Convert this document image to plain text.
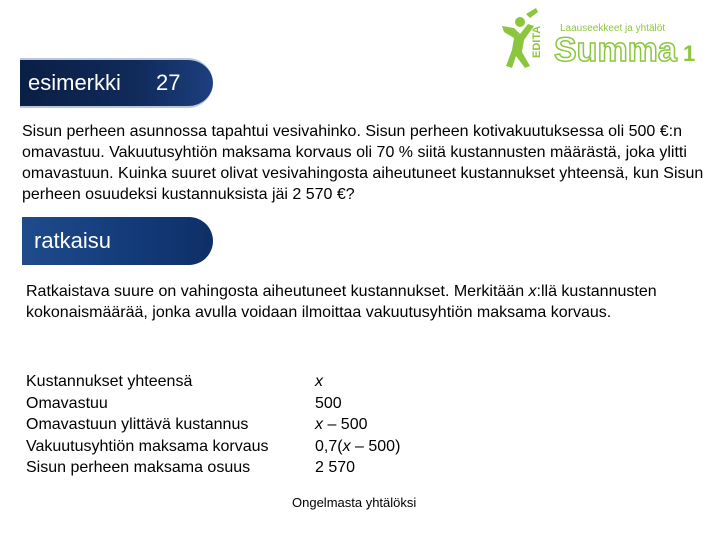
EDITA Laauseekkeet ja yhtälöt
Summa 1
esimerkki 27
Sisun perheen asunnossa tapahtui vesivahinko. Sisun perheen kotivakuutuksessa oli 500 €:n omavastuu. Vakuutusyhtiön maksama korvaus oli 70 % siitä kustannusten määrästä, joka ylitti omavastuun. Kuinka suuret olivat vesivahingosta aiheutuneet kustannukset yhteensä, kun Sisun perheen osuudeksi kustannuksista jäi 2 570 €?
ratkaisu
Ratkaistava suure on vahingosta aiheutuneet kustannukset. Merkitään x:llä kustannusten kokonaismäärää, jonka avulla voidaan ilmoittaa vakuutusyhtiön maksama korvaus.
Kustannukset yhteensä	x
Omavastuu	500
Omavastuun ylittävä kustannus	x – 500
Vakuutusyhtiön maksama korvaus	0,7(x – 500)
Sisun perheen maksama osuus	2 570
Ongelmasta yhtälöksi
